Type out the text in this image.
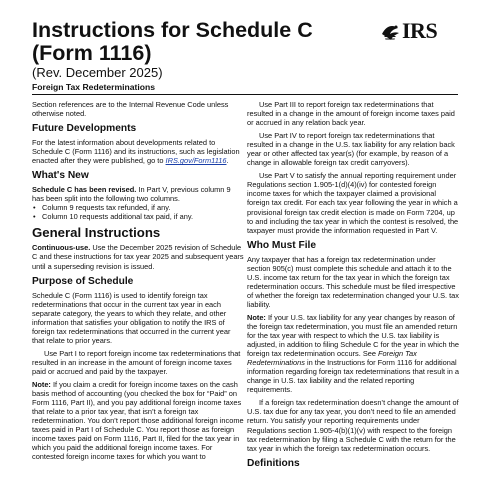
Instructions for Schedule C
(Form 1116)
(Rev. December 2025)
Foreign Tax Redeterminations
IRS

Section references are to the Internal Revenue Code unless otherwise noted.

Future Developments

For the latest information about developments related to Schedule C (Form 1116) and its instructions, such as legislation enacted after they were published, go to IRS.gov/Form1116.

What's New

Schedule C has been revised. In Part V, previous column 9 has been split into the following two columns.

• Column 9 requests tax refunded, if any.
• Column 10 requests additional tax paid, if any.
General Instructions

Continuous-use. Use the December 2025 revision of Schedule C and these instructions for tax year 2025 and subsequent years until a superseding revision is issued.

Purpose of Schedule

Schedule C (Form 1116) is used to identify foreign tax redeterminations that occur in the current tax year in each separate category, the years to which they relate, and other information that satisfies your obligation to notify the IRS of foreign tax redeterminations that occurred in the current year that relate to prior years.

Use Part I to report foreign income tax redeterminations that resulted in an increase in the amount of foreign income taxes paid or accrued and paid by the taxpayer.

Note: If you claim a credit for foreign income taxes on the cash basis method of accounting (you checked the box for “Paid” on Form 1116, Part II), and you pay additional foreign income taxes that relate to a prior tax year, that isn’t a foreign tax redetermination. You don’t report those additional foreign income taxes paid in Part I of Schedule C. You report those as foreign income taxes paid on Form 1116, Part II, filed for the tax year in which you paid the additional foreign income taxes. For contested foreign income taxes for which you want to

Use Part III to report foreign tax redeterminations that resulted in a change in the amount of foreign income taxes paid or accrued in any relation back year.

Use Part IV to report foreign tax redeterminations that resulted in a change in the U.S. tax liability for any relation back year or other affected tax year(s) (for example, by reason of a change in allowable foreign tax credit carryovers).

Use Part V to satisfy the annual reporting requirement under Regulations section 1.905-1(d)(4)(iv) for contested foreign income taxes for which the taxpayer claimed a provisional foreign tax credit. For each tax year following the year in which a provisional foreign tax credit election is made on Form 7204, up to and including the tax year in which the contest is resolved, the taxpayer must provide the information requested in Part V.

Who Must File

Any taxpayer that has a foreign tax redetermination under section 905(c) must complete this schedule and attach it to the U.S. income tax return for the tax year in which the foreign tax redetermination occurs. This schedule must be filed irrespective of whether the foreign tax redetermination changed your U.S. tax liability.

Note: If your U.S. tax liability for any year changes by reason of the foreign tax redetermination, you must file an amended return for the tax year with respect to which the U.S. tax liability is adjusted, in addition to filing Schedule C for the year in which the foreign tax redetermination occurs. See Foreign Tax Redeterminations in the Instructions for Form 1116 for additional information regarding foreign tax redeterminations that result in a change in U.S. tax liability and the related reporting requirements.

If a foreign tax redetermination doesn’t change the amount of U.S. tax due for any tax year, you don’t need to file an amended return. You satisfy your reporting requirements under Regulations section 1.905-4(b)(1)(v) with respect to the foreign tax redetermination by filing a Schedule C with the return for the tax year in which the foreign tax redetermination occurs.

Definitions
